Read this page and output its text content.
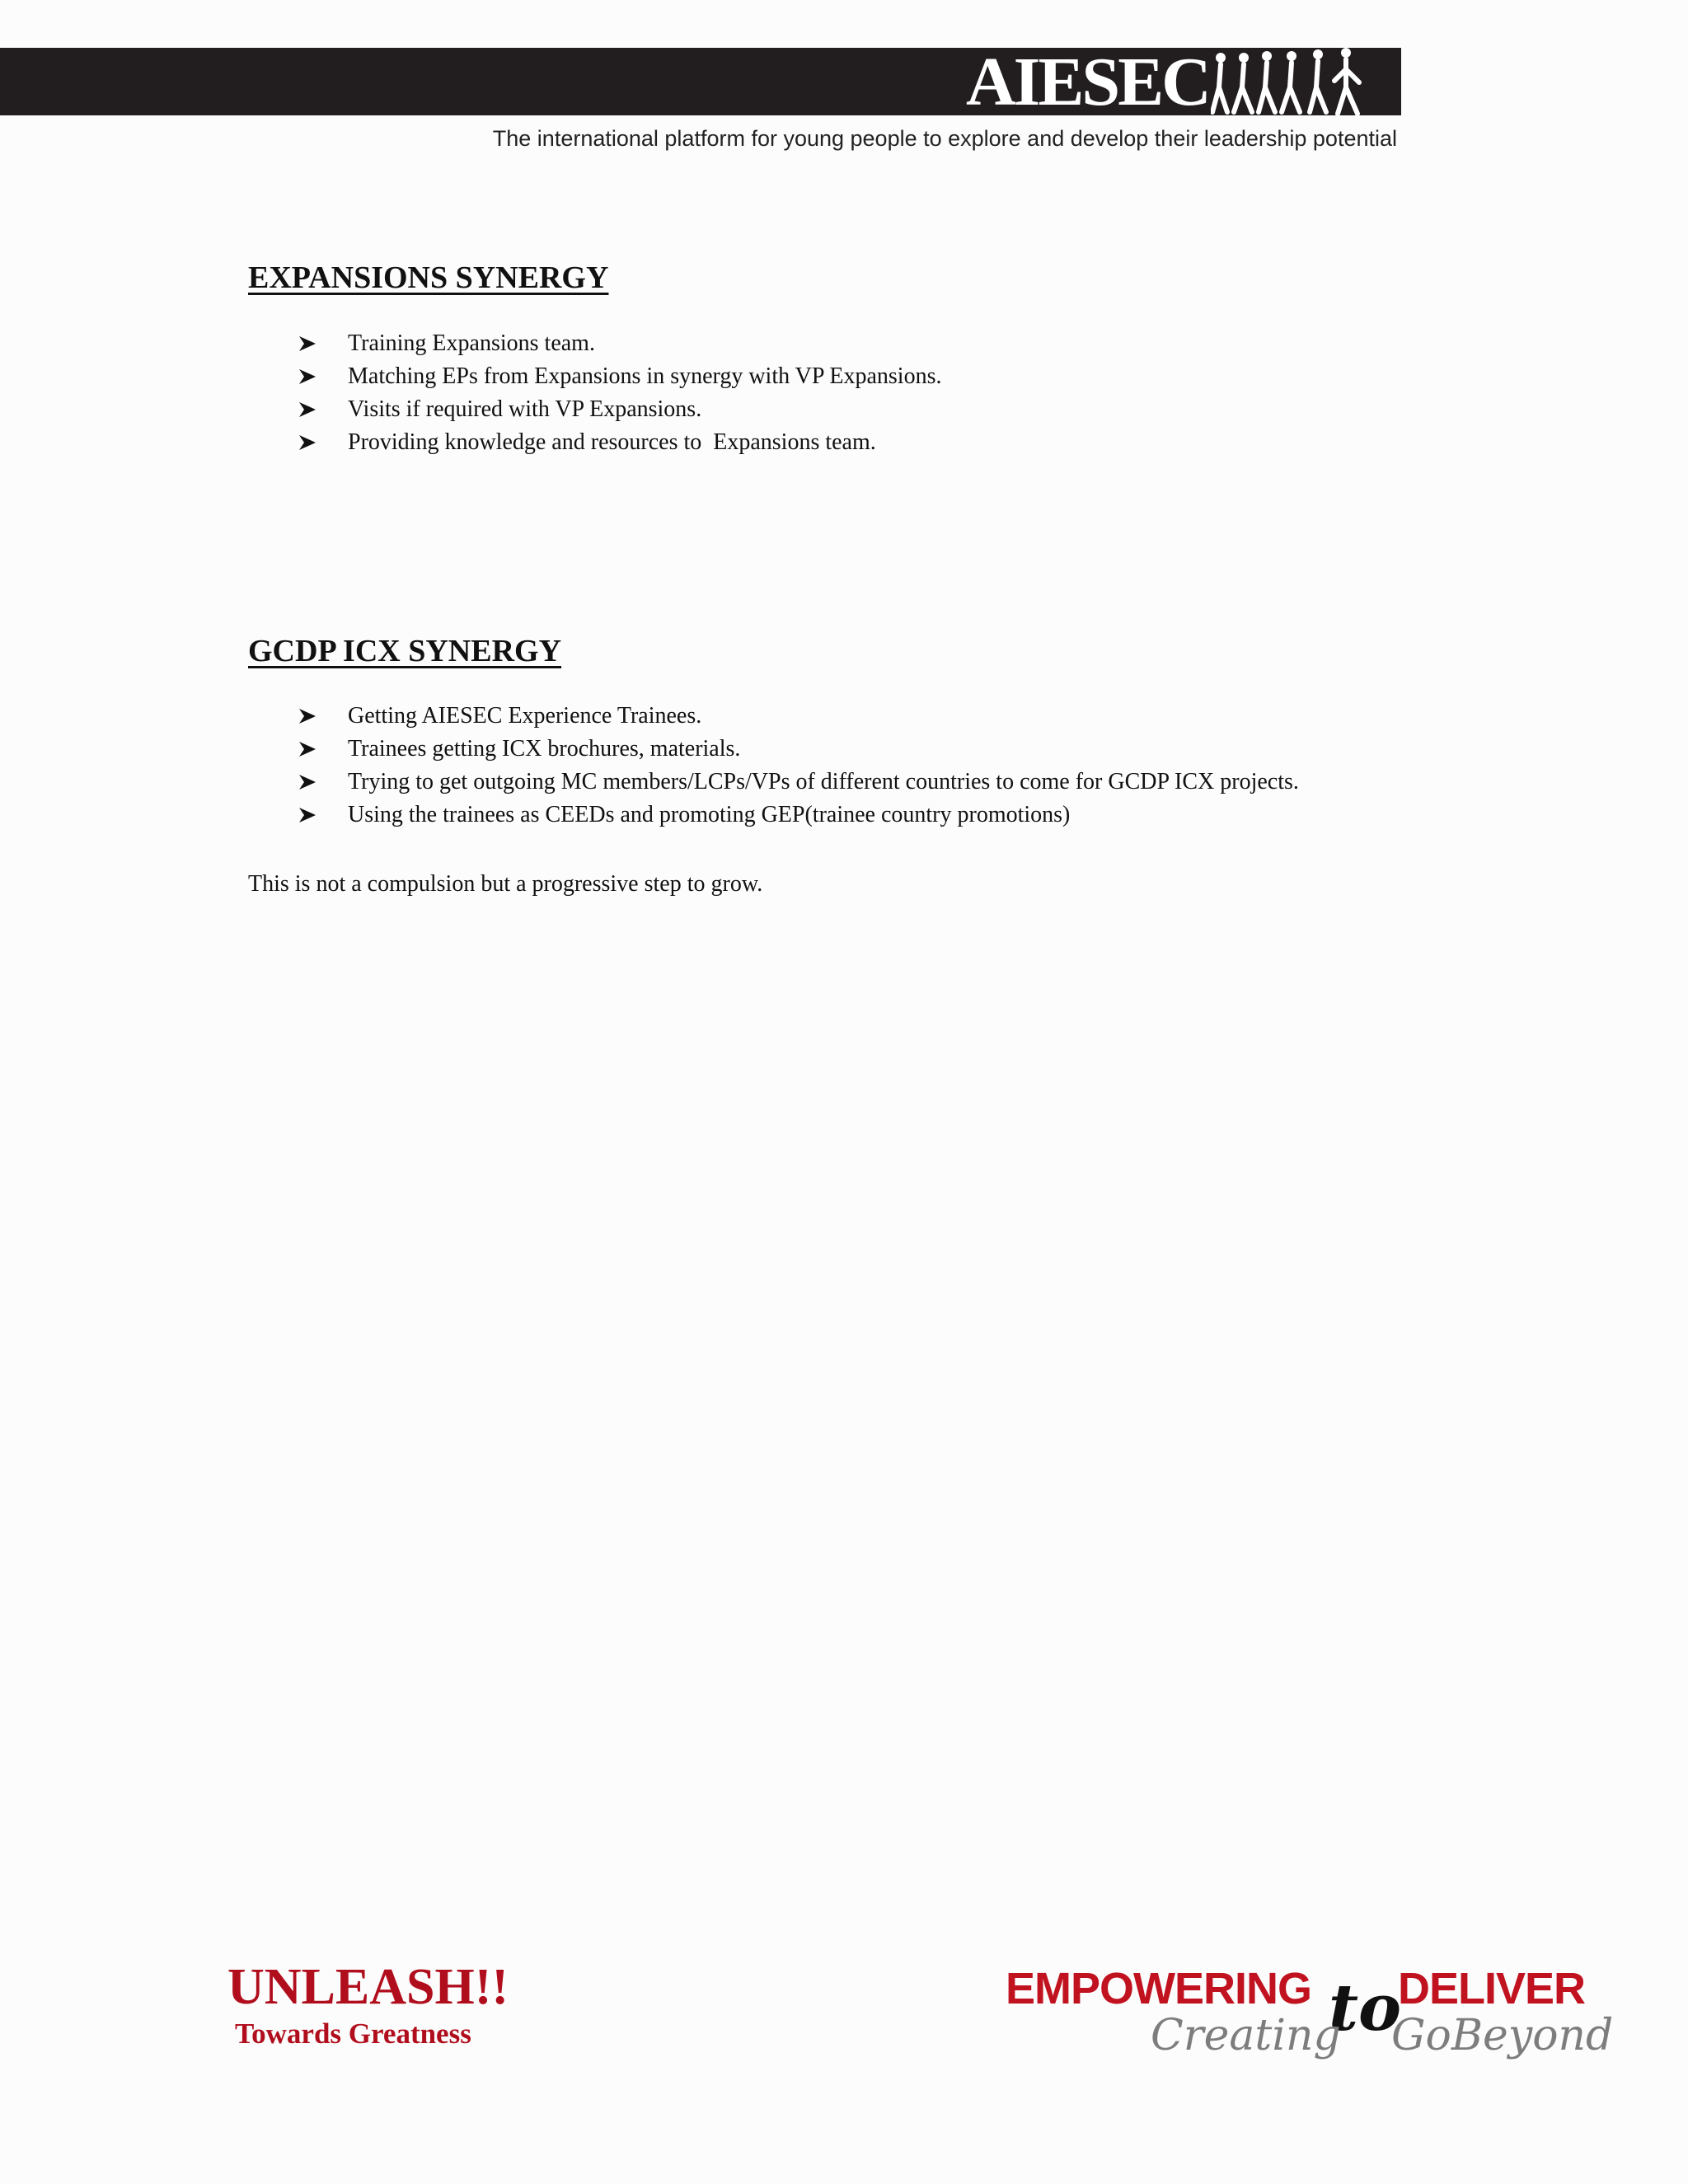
AIESEC
The international platform for young people to explore and develop their leadership potential
EXPANSIONS SYNERGY
Training Expansions team.
Matching EPs from Expansions in synergy with VP Expansions.
Visits if required with VP Expansions.
Providing knowledge and resources to  Expansions team.
GCDP ICX SYNERGY
Getting AIESEC Experience Trainees.
Trainees getting ICX brochures, materials.
Trying to get outgoing MC members/LCPs/VPs of different countries to come for GCDP ICX projects.
Using the trainees as CEEDs and promoting GEP(trainee country promotions)

This is not a compulsion but a progressive step to grow.

UNLEASH!!
Towards Greatness
EMPOWERING to
DELIVER
Creating GoBeyond
